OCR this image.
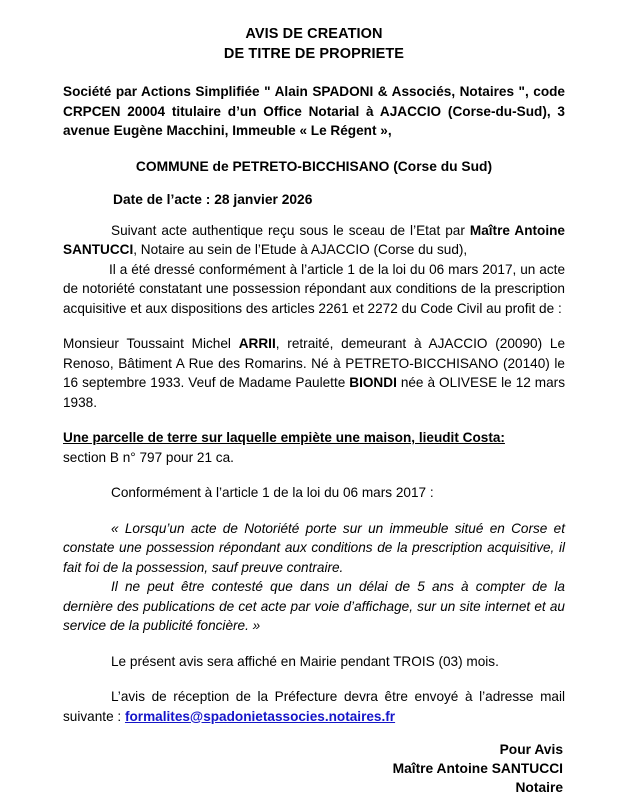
AVIS DE CREATION
DE TITRE DE PROPRIETE

Société par Actions Simplifiée " Alain SPADONI & Associés, Notaires ", code CRPCEN 20004 titulaire d’un Office Notarial à AJACCIO (Corse-du-Sud), 3 avenue Eugène Macchini, Immeuble « Le Régent »,

COMMUNE de PETRETO-BICCHISANO (Corse du Sud)

Date de l’acte : 28 janvier 2026

Suivant acte authentique reçu sous le sceau de l’Etat par Maître Antoine SANTUCCI, Notaire au sein de l’Etude à AJACCIO (Corse du sud),

Il a été dressé conformément à l’article 1 de la loi du 06 mars 2017, un acte de notoriété constatant une possession répondant aux conditions de la prescription acquisitive et aux dispositions des articles 2261 et 2272 du Code Civil au profit de :

Monsieur Toussaint Michel ARRII, retraité, demeurant à AJACCIO (20090) Le Renoso, Bâtiment A Rue des Romarins. Né à PETRETO-BICCHISANO (20140) le 16 septembre 1933. Veuf de Madame Paulette BIONDI née à OLIVESE le 12 mars 1938.

Une parcelle de terre sur laquelle empiète une maison, lieudit Costa:

section B n° 797 pour 21 ca.

Conformément à l’article 1 de la loi du 06 mars 2017 :

« Lorsqu’un acte de Notoriété porte sur un immeuble situé en Corse et constate une possession répondant aux conditions de la prescription acquisitive, il fait foi de la possession, sauf preuve contraire.

Il ne peut être contesté que dans un délai de 5 ans à compter de la dernière des publications de cet acte par voie d’affichage, sur un site internet et au service de la publicité foncière. »

Le présent avis sera affiché en Mairie pendant TROIS (03) mois.

L’avis de réception de la Préfecture devra être envoyé à l’adresse mail suivante : formalites@spadonietassocies.notaires.fr

Pour Avis
Maître Antoine SANTUCCI
Notaire
